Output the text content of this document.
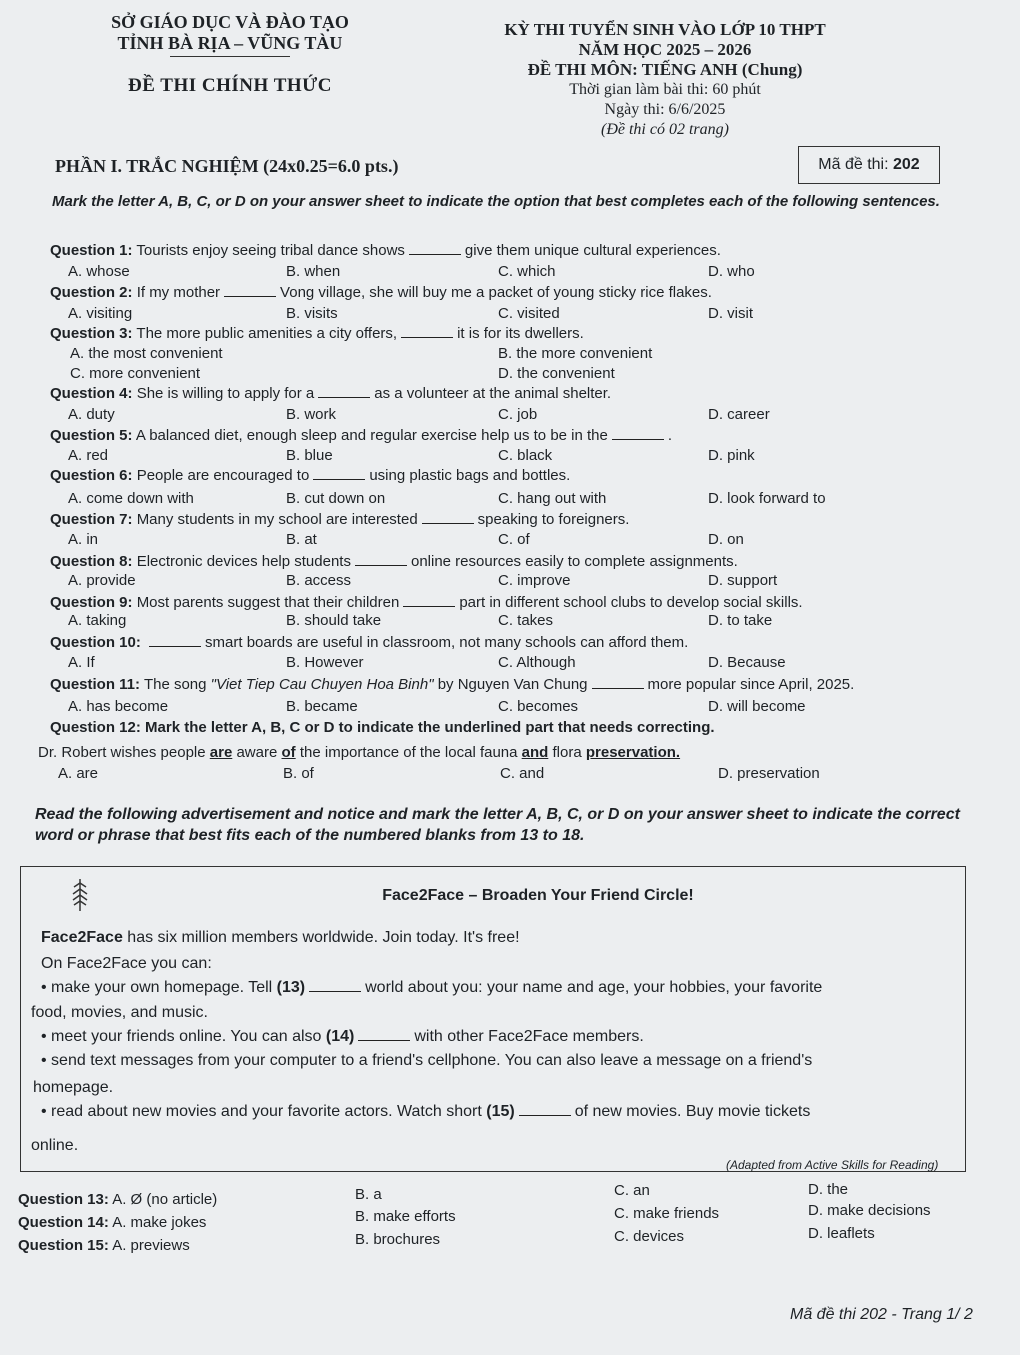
SỞ GIÁO DỤC VÀ ĐÀO TẠO
TỈNH BÀ RỊA – VŨNG TÀU
ĐỀ THI CHÍNH THỨC
KỲ THI TUYỂN SINH VÀO LỚP 10 THPT
NĂM HỌC 2025 – 2026
ĐỀ THI MÔN: TIẾNG ANH (Chung)
Thời gian làm bài thi: 60 phút
Ngày thi: 6/6/2025
(Đề thi có 02 trang)
Mã đề thi: 202
PHẦN I. TRẮC NGHIỆM (24x0.25=6.0 pts.)
Mark the letter A, B, C, or D on your answer sheet to indicate the option that best completes each of the following sentences.
Question 1: Tourists enjoy seeing tribal dance shows	give them unique cultural experiences.
A. whose	B. when	C. which	D. who
Question 2: If my mother	Vong village, she will buy me a packet of young sticky rice flakes.
A. visiting	B. visits	C. visited	D. visit
Question 3: The more public amenities a city offers,	it is for its dwellers.
A. the most convenient	B. the more convenient
C. more convenient	D. the convenient
Question 4: She is willing to apply for a	as a volunteer at the animal shelter.
A. duty	B. work	C. job	D. career
Question 5: A balanced diet, enough sleep and regular exercise help us to be in the	.
A. red	B. blue	C. black	D. pink
Question 6: People are encouraged to	using plastic bags and bottles.
A. come down with	B. cut down on	C. hang out with	D. look forward to
Question 7: Many students in my school are interested	speaking to foreigners.
A. in	B. at	C. of	D. on
Question 8: Electronic devices help students	online resources easily to complete assignments.
A. provide	B. access	C. improve	D. support
Question 9: Most parents suggest that their children	part in different school clubs to develop social skills.
A. taking	B. should take	C. takes	D. to take
Question 10:	smart boards are useful in classroom, not many schools can afford them.
A. If	B. However	C. Although	D. Because
Question 11: The song "Viet Tiep Cau Chuyen Hoa Binh" by Nguyen Van Chung	more popular since April, 2025.
A. has become	B. became	C. becomes	D. will become
Question 12: Mark the letter A, B, C or D to indicate the underlined part that needs correcting.
Dr. Robert wishes people are aware of the importance of the local fauna and flora preservation.
A. are	B. of	C. and	D. preservation
Read the following advertisement and notice and mark the letter A, B, C, or D on your answer sheet to indicate the correct word or phrase that best fits each of the numbered blanks from 13 to 18.
Face2Face – Broaden Your Friend Circle!
Face2Face has six million members worldwide. Join today. It's free!
On Face2Face you can:
• make your own homepage. Tell (13)	world about you: your name and age, your hobbies, your favorite
food, movies, and music.
• meet your friends online. You can also (14)	with other Face2Face members.
• send text messages from your computer to a friend's cellphone. You can also leave a message on a friend's
homepage.
• read about new movies and your favorite actors. Watch short (15)	of new movies. Buy movie tickets
online.
(Adapted from Active Skills for Reading)
Question 13: A. Ø (no article)	B. a	C. an	D. the
Question 14: A. make jokes	B. make efforts	C. make friends	D. make decisions
Question 15: A. previews	B. brochures	C. devices	D. leaflets
Mã đề thi 202 - Trang 1/ 2
